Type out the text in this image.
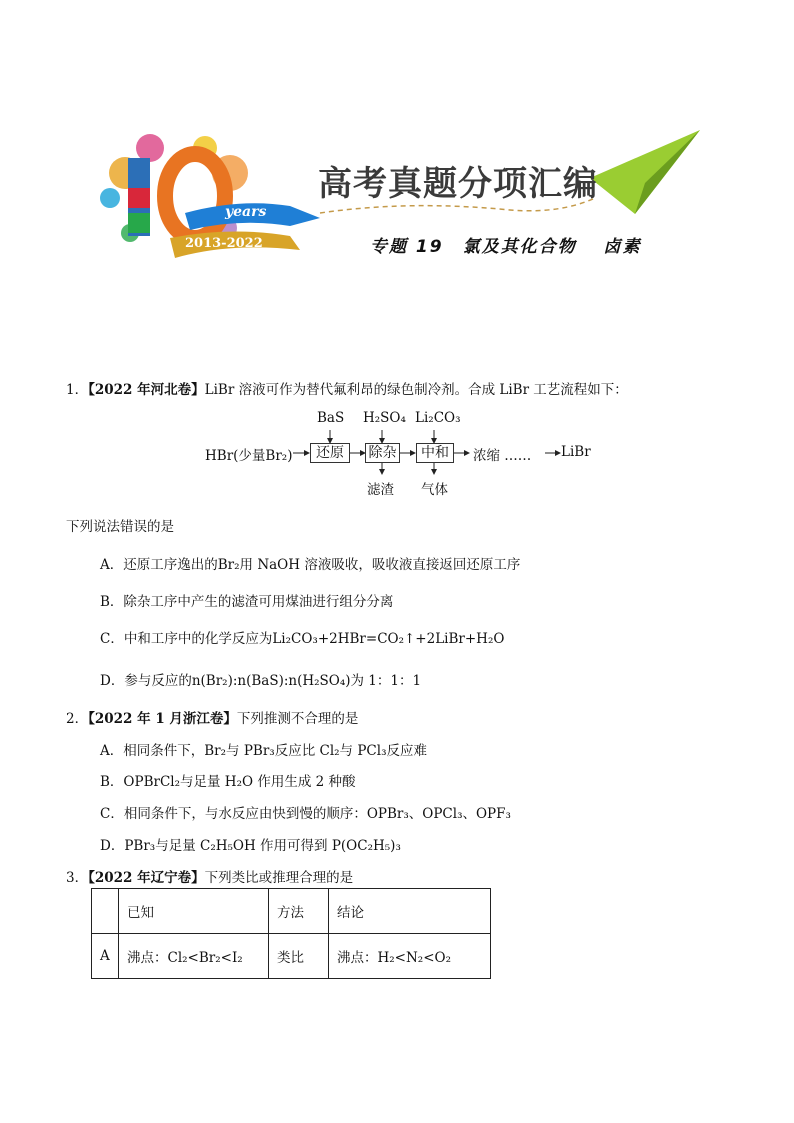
years
2013-2022
高考真题分项汇编
专题 19　氯及其化合物　 卤素
1．【2022 年河北卷】LiBr 溶液可作为替代氟利昂的绿色制冷剂。合成 LiBr 工艺流程如下：
HBr(少量Br₂)	还原	除杂	中和	浓缩 …… LiBr
BaS H₂SO₄ Li₂CO₃
滤渣 气体
下列说法错误的是
A．还原工序逸出的Br₂用 NaOH 溶液吸收，吸收液直接返回还原工序
B．除杂工序中产生的滤渣可用煤油进行组分分离
C．中和工序中的化学反应为Li₂CO₃+2HBr=CO₂↑+2LiBr+H₂O
D．参与反应的n(Br₂):n(BaS):n(H₂SO₄)为 1：1：1
2．【2022 年 1 月浙江卷】下列推测不合理的是
A．相同条件下，Br₂与 PBr₃反应比 Cl₂与 PCl₃反应难
B．OPBrCl₂与足量 H₂O 作用生成 2 种酸
C．相同条件下，与水反应由快到慢的顺序：OPBr₃、OPCl₃、OPF₃
D．PBr₃与足量 C₂H₅OH 作用可得到 P(OC₂H₅)₃
3．【2022 年辽宁卷】下列类比或推理合理的是
	已知	方法	结论
A	沸点：Cl₂<Br₂<I₂	类比	沸点：H₂<N₂<O₂
